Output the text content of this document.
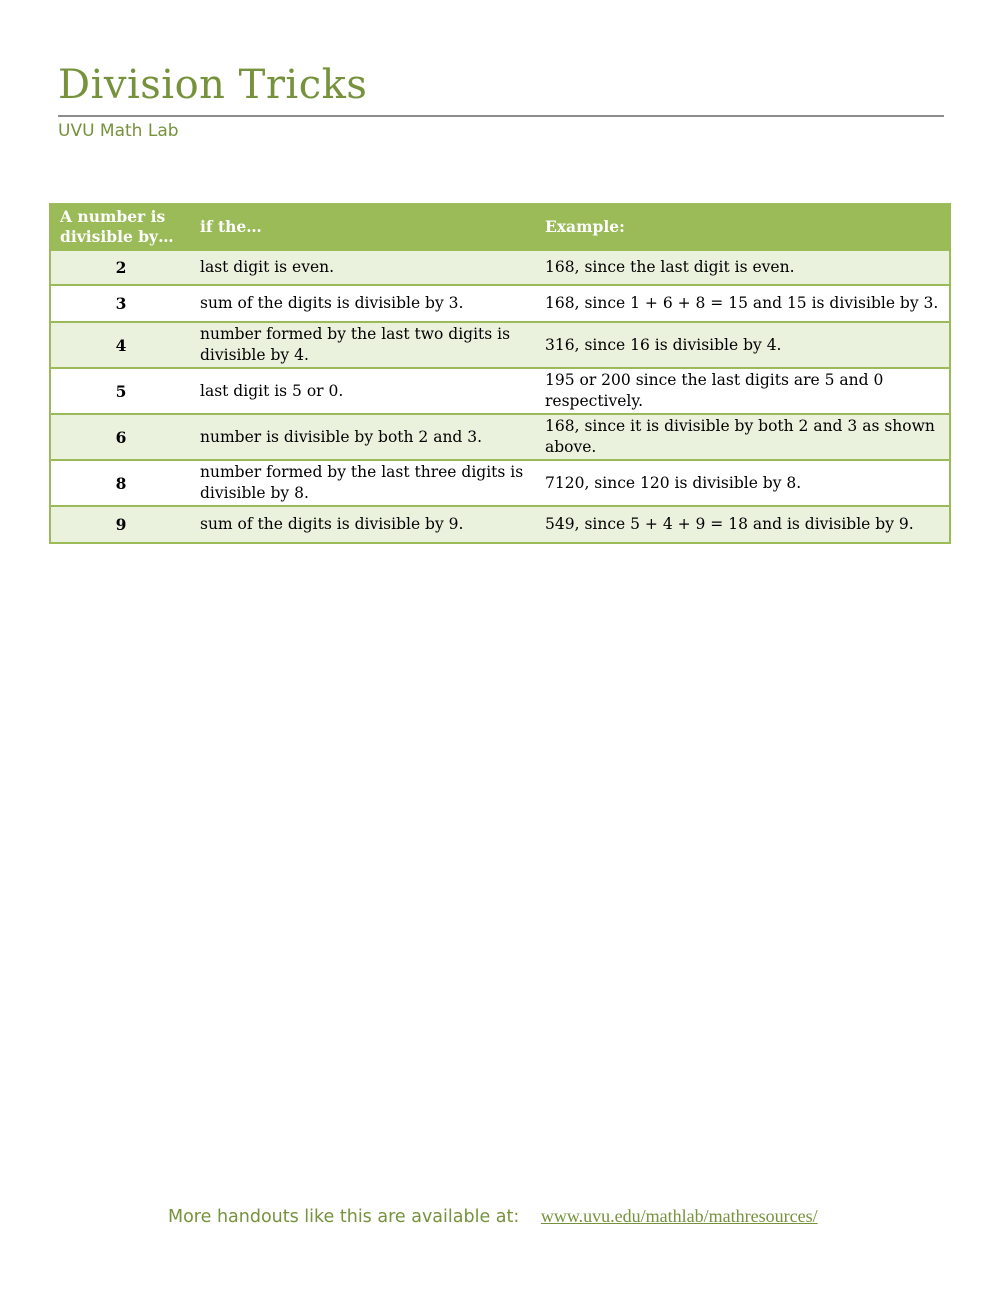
Division Tricks
UVU Math Lab
A number is divisible by…	if the…	Example:
2	last digit is even.	168, since the last digit is even.
3	sum of the digits is divisible by 3.	168, since 1 + 6 + 8 = 15 and 15 is divisible by 3.
4	number formed by the last two digits is divisible by 4.	316, since 16 is divisible by 4.
5	last digit is 5 or 0.	195 or 200 since the last digits are 5 and 0 respectively.
6	number is divisible by both 2 and 3.	168, since it is divisible by both 2 and 3 as shown above.
8	number formed by the last three digits is divisible by 8.	7120, since 120 is divisible by 8.
9	sum of the digits is divisible by 9.	549, since 5 + 4 + 9 = 18 and is divisible by 9.
More handouts like this are available at: www.uvu.edu/mathlab/mathresources/
